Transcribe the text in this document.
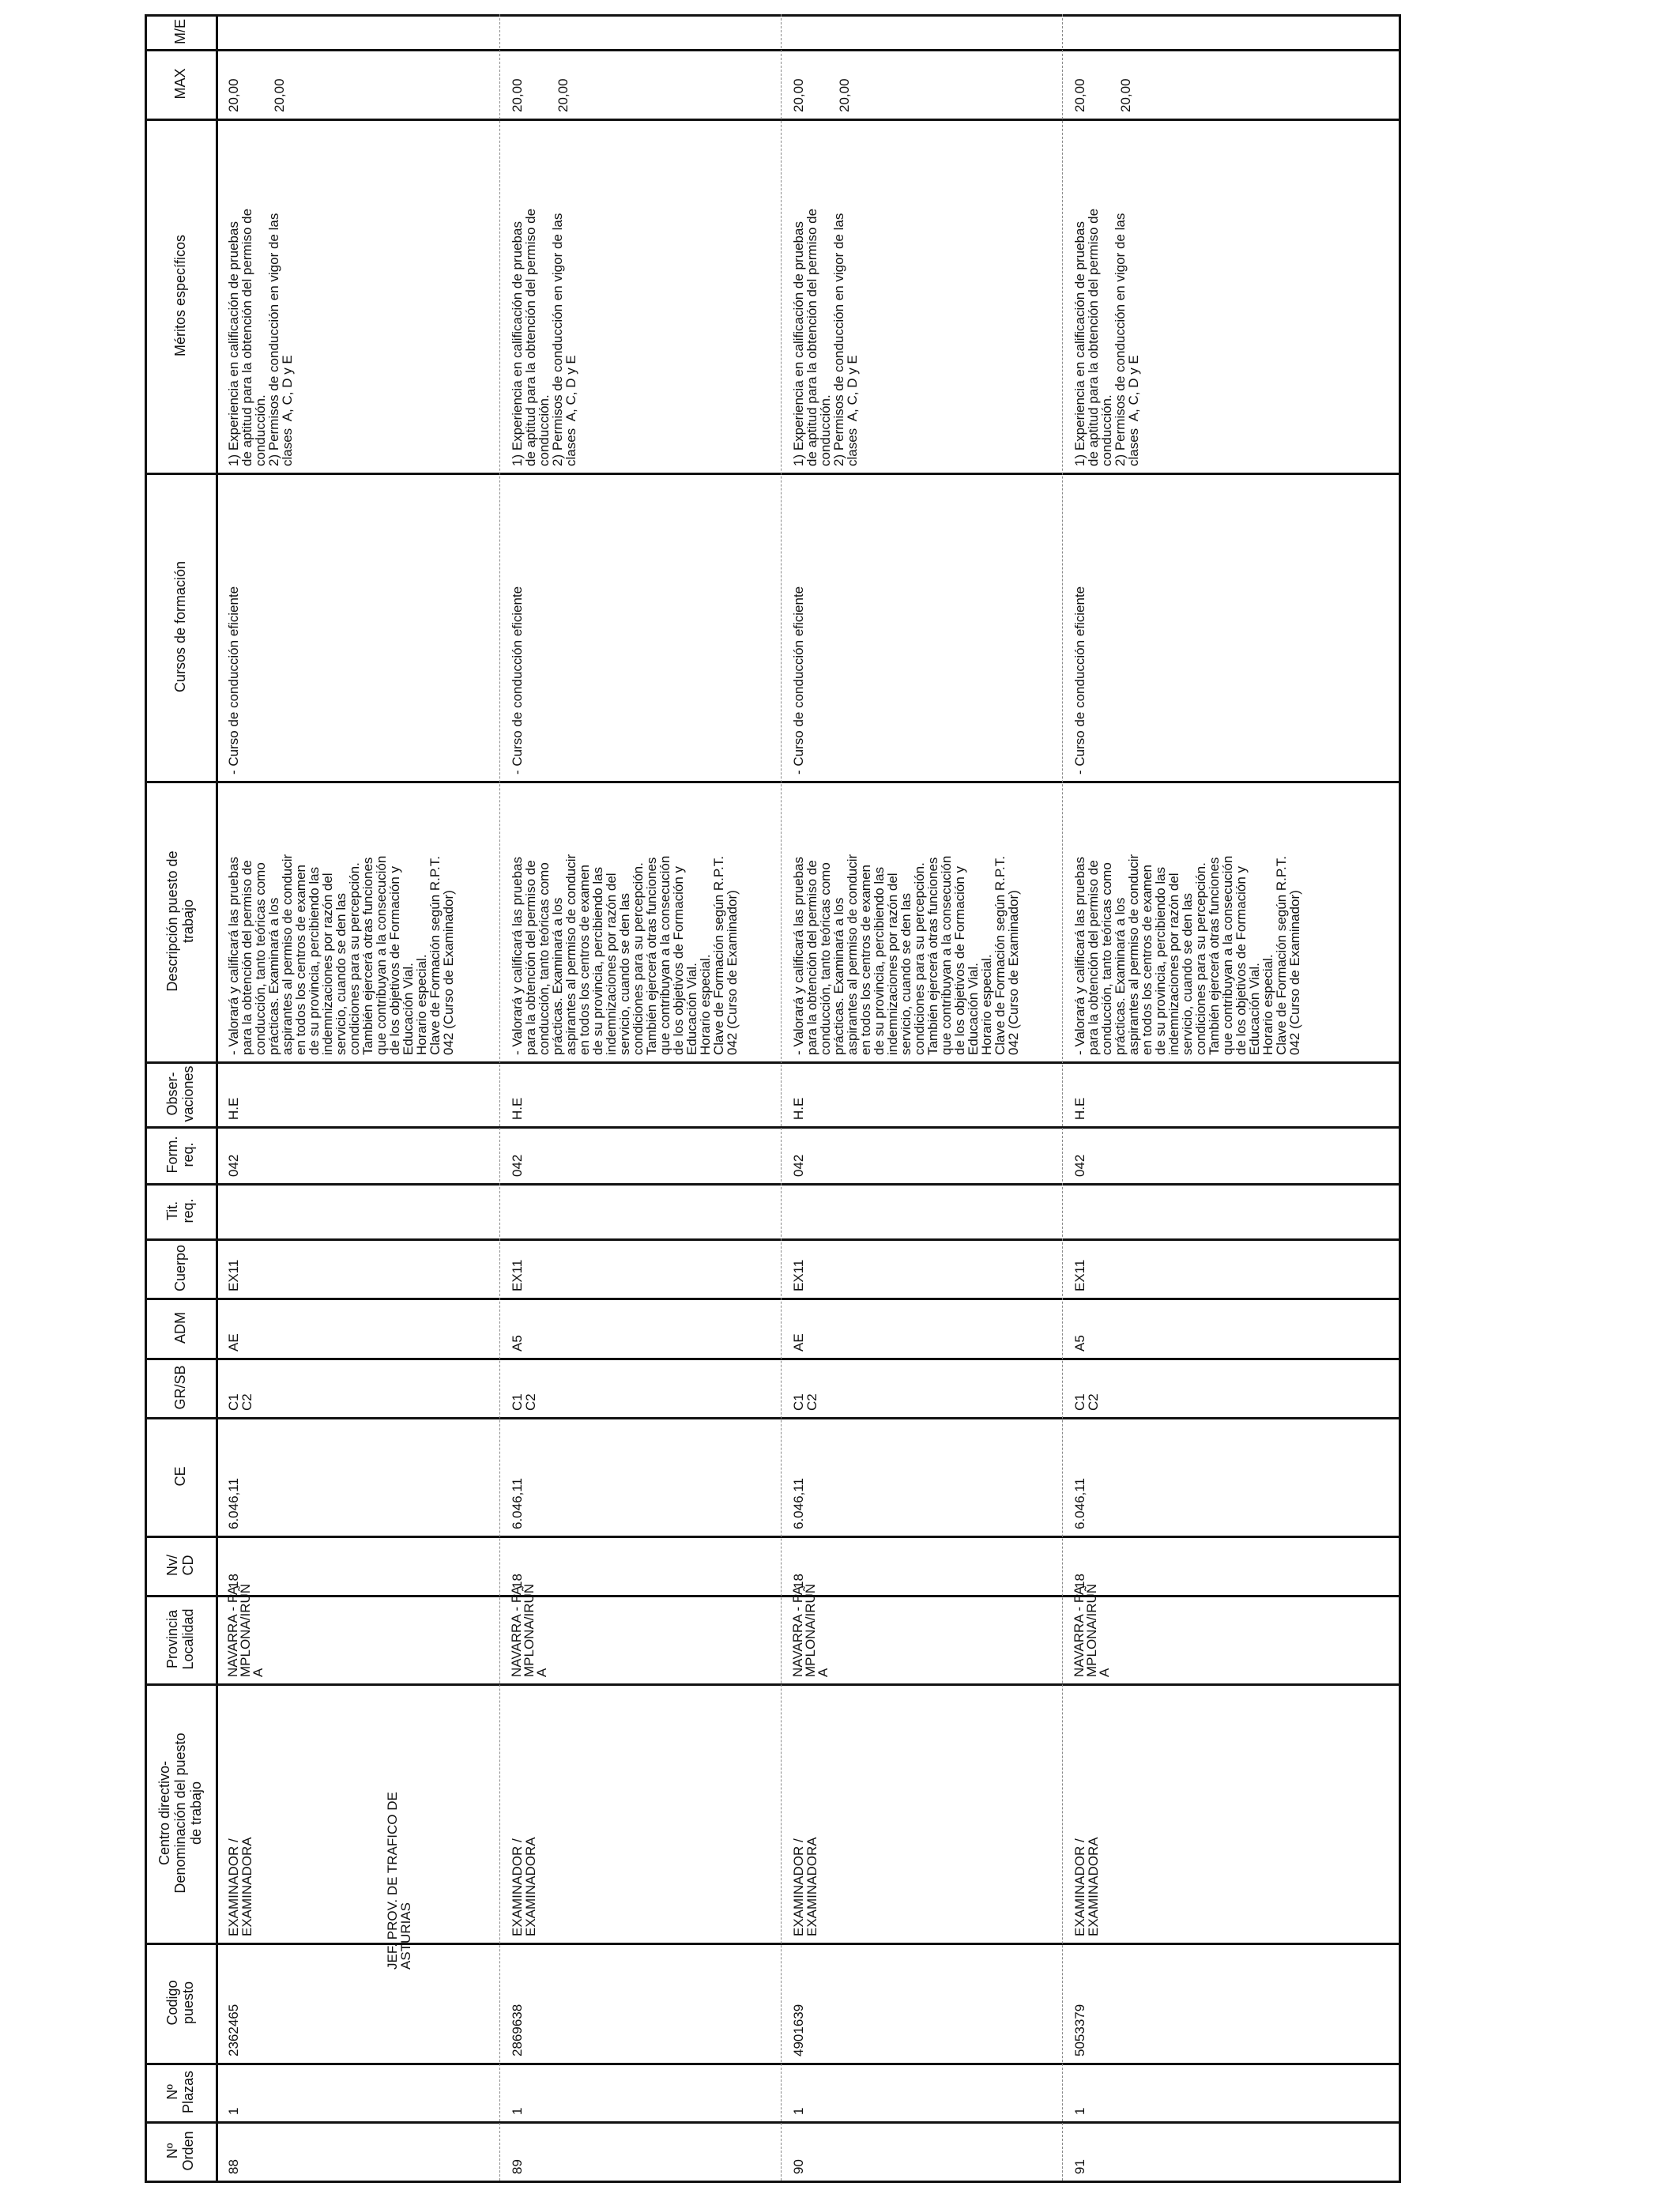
M/E
MAX
Méritos específicos
Cursos de formación
Descripción puesto de
trabajo
Obser-
vaciones
Form.
req.
Tit.
req.
Cuerpo
ADM
GR/SB
CE
Nv/
CD
Provincia
Localidad
Centro directivo-
Denominación del puesto
de trabajo
Codigo
puesto
Nº
Plazas
Nº
Orden 88
1
2362465
EXAMINADOR /
EXAMINADORA
NAVARRA - PA
MPLONA/IRUÑ
A
18
6.046,11
C1
C2
AE
EX11
042
H.E
- Valorará y calificará las pruebas
para la obtención del permiso de
conducción, tanto teóricas como
prácticas. Examinará a los
aspirantes al permiso de conducir
en todos los centros de examen
de su provincia, percibiendo las
indemnizaciones por razón del
servicio, cuando se den las
condiciones para su percepción.
También ejercerá otras funciones
que contribuyan a la consecución
de los objetivos de Formación y
Educación Vial.
Horario especial.
Clave de Formación según R.P.T.
042 (Curso de Examinador)
- Curso de conducción eficiente
1) Experiencia en calificación de pruebas
de aptitud para la obtención del permiso de
conducción.
2) Permisos de conducción en vigor de las
clases  A, C, D y E
20,00 20,00
89
1
2869638
EXAMINADOR /
EXAMINADORA
NAVARRA - PA
MPLONA/IRUÑ
A
18
6.046,11
C1
C2
A5
EX11
042
H.E
- Valorará y calificará las pruebas
para la obtención del permiso de
conducción, tanto teóricas como
prácticas. Examinará a los
aspirantes al permiso de conducir
en todos los centros de examen
de su provincia, percibiendo las
indemnizaciones por razón del
servicio, cuando se den las
condiciones para su percepción.
También ejercerá otras funciones
que contribuyan a la consecución
de los objetivos de Formación y
Educación Vial.
Horario especial.
Clave de Formación según R.P.T.
042 (Curso de Examinador)
- Curso de conducción eficiente
1) Experiencia en calificación de pruebas
de aptitud para la obtención del permiso de
conducción.
2) Permisos de conducción en vigor de las
clases  A, C, D y E
20,00 20,00
90
1
4901639
EXAMINADOR /
EXAMINADORA
NAVARRA - PA
MPLONA/IRUÑ
A
18
6.046,11
C1
C2
AE
EX11
042
H.E
- Valorará y calificará las pruebas
para la obtención del permiso de
conducción, tanto teóricas como
prácticas. Examinará a los
aspirantes al permiso de conducir
en todos los centros de examen
de su provincia, percibiendo las
indemnizaciones por razón del
servicio, cuando se den las
condiciones para su percepción.
También ejercerá otras funciones
que contribuyan a la consecución
de los objetivos de Formación y
Educación Vial.
Horario especial.
Clave de Formación según R.P.T.
042 (Curso de Examinador)
- Curso de conducción eficiente
1) Experiencia en calificación de pruebas
de aptitud para la obtención del permiso de
conducción.
2) Permisos de conducción en vigor de las
clases  A, C, D y E
20,00 20,00
91
1
5053379
EXAMINADOR /
EXAMINADORA
NAVARRA - PA
MPLONA/IRUÑ
A
18
6.046,11
C1
C2
A5
EX11
042
H.E
- Valorará y calificará las pruebas
para la obtención del permiso de
conducción, tanto teóricas como
prácticas. Examinará a los
aspirantes al permiso de conducir
en todos los centros de examen
de su provincia, percibiendo las
indemnizaciones por razón del
servicio, cuando se den las
condiciones para su percepción.
También ejercerá otras funciones
que contribuyan a la consecución
de los objetivos de Formación y
Educación Vial.
Horario especial.
Clave de Formación según R.P.T.
042 (Curso de Examinador)
- Curso de conducción eficiente
1) Experiencia en calificación de pruebas
de aptitud para la obtención del permiso de
conducción.
2) Permisos de conducción en vigor de las
clases  A, C, D y E
20,00 20,00
JEF. PROV. DE TRAFICO DE
ASTURIAS
